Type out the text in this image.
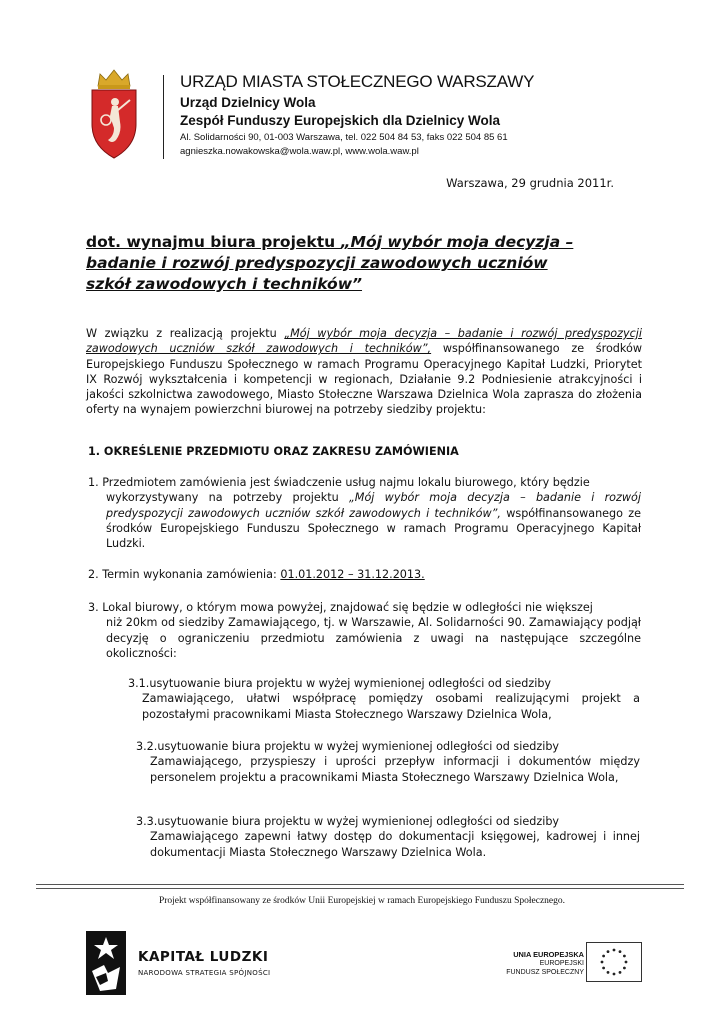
URZĄD MIASTA STOŁECZNEGO WARSZAWY
Urząd Dzielnicy Wola
Zespół Funduszy Europejskich dla Dzielnicy Wola
Al. Solidarności 90, 01-003 Warszawa, tel. 022 504 84 53, faks 022 504 85 61
agnieszka.nowakowska@wola.waw.pl, www.wola.waw.pl
Warszawa, 29 grudnia 2011r.
dot. wynajmu biura projektu „Mój wybór moja decyzja –
badanie i rozwój predyspozycji zawodowych uczniów
szkół zawodowych i techników”
W związku z realizacją projektu „Mój wybór moja decyzja – badanie i rozwój predyspozycji zawodowych uczniów szkół zawodowych i techników”, współfinansowanego ze środków Europejskiego Funduszu Społecznego w ramach Programu Operacyjnego Kapitał Ludzki, Priorytet IX Rozwój wykształcenia i kompetencji w regionach, Działanie 9.2 Podniesienie atrakcyjności i jakości szkolnictwa zawodowego, Miasto Stołeczne Warszawa Dzielnica Wola zaprasza do złożenia oferty na wynajem powierzchni biurowej na potrzeby siedziby projektu:
1. OKREŚLENIE PRZEDMIOTU ORAZ ZAKRESU ZAMÓWIENIA
1. Przedmiotem zamówienia jest świadczenie usług najmu lokalu biurowego, który będzie
wykorzystywany na potrzeby projektu „Mój wybór moja decyzja – badanie i rozwój predyspozycji zawodowych uczniów szkół zawodowych i techników”, współfinansowanego ze środków Europejskiego Funduszu Społecznego w ramach Programu Operacyjnego Kapitał Ludzki.
2. Termin wykonania zamówienia: 01.01.2012 – 31.12.2013.
3. Lokal biurowy, o którym mowa powyżej, znajdować się będzie w odległości nie większej
niż 20km od siedziby Zamawiającego, tj. w Warszawie, Al. Solidarności 90. Zamawiający podjął decyzję o ograniczeniu przedmiotu zamówienia z uwagi na następujące szczególne okoliczności:
3.1.usytuowanie biura projektu w wyżej wymienionej odległości od siedziby
Zamawiającego, ułatwi współpracę pomiędzy osobami realizującymi projekt a pozostałymi pracownikami Miasta Stołecznego Warszawy Dzielnica Wola,
3.2.usytuowanie biura projektu w wyżej wymienionej odległości od siedziby
Zamawiającego, przyspieszy i uprości przepływ informacji i dokumentów między personelem projektu a pracownikami Miasta Stołecznego Warszawy Dzielnica Wola,
3.3.usytuowanie biura projektu w wyżej wymienionej odległości od siedziby
Zamawiającego zapewni łatwy dostęp do dokumentacji księgowej, kadrowej i innej dokumentacji Miasta Stołecznego Warszawy Dzielnica Wola.
Projekt współfinansowany ze środków Unii Europejskiej w ramach Europejskiego Funduszu Społecznego.
KAPITAŁ LUDZKI
NARODOWA STRATEGIA SPÓJNOŚCI
UNIA EUROPEJSKA
EUROPEJSKI
FUNDUSZ SPOŁECZNY
